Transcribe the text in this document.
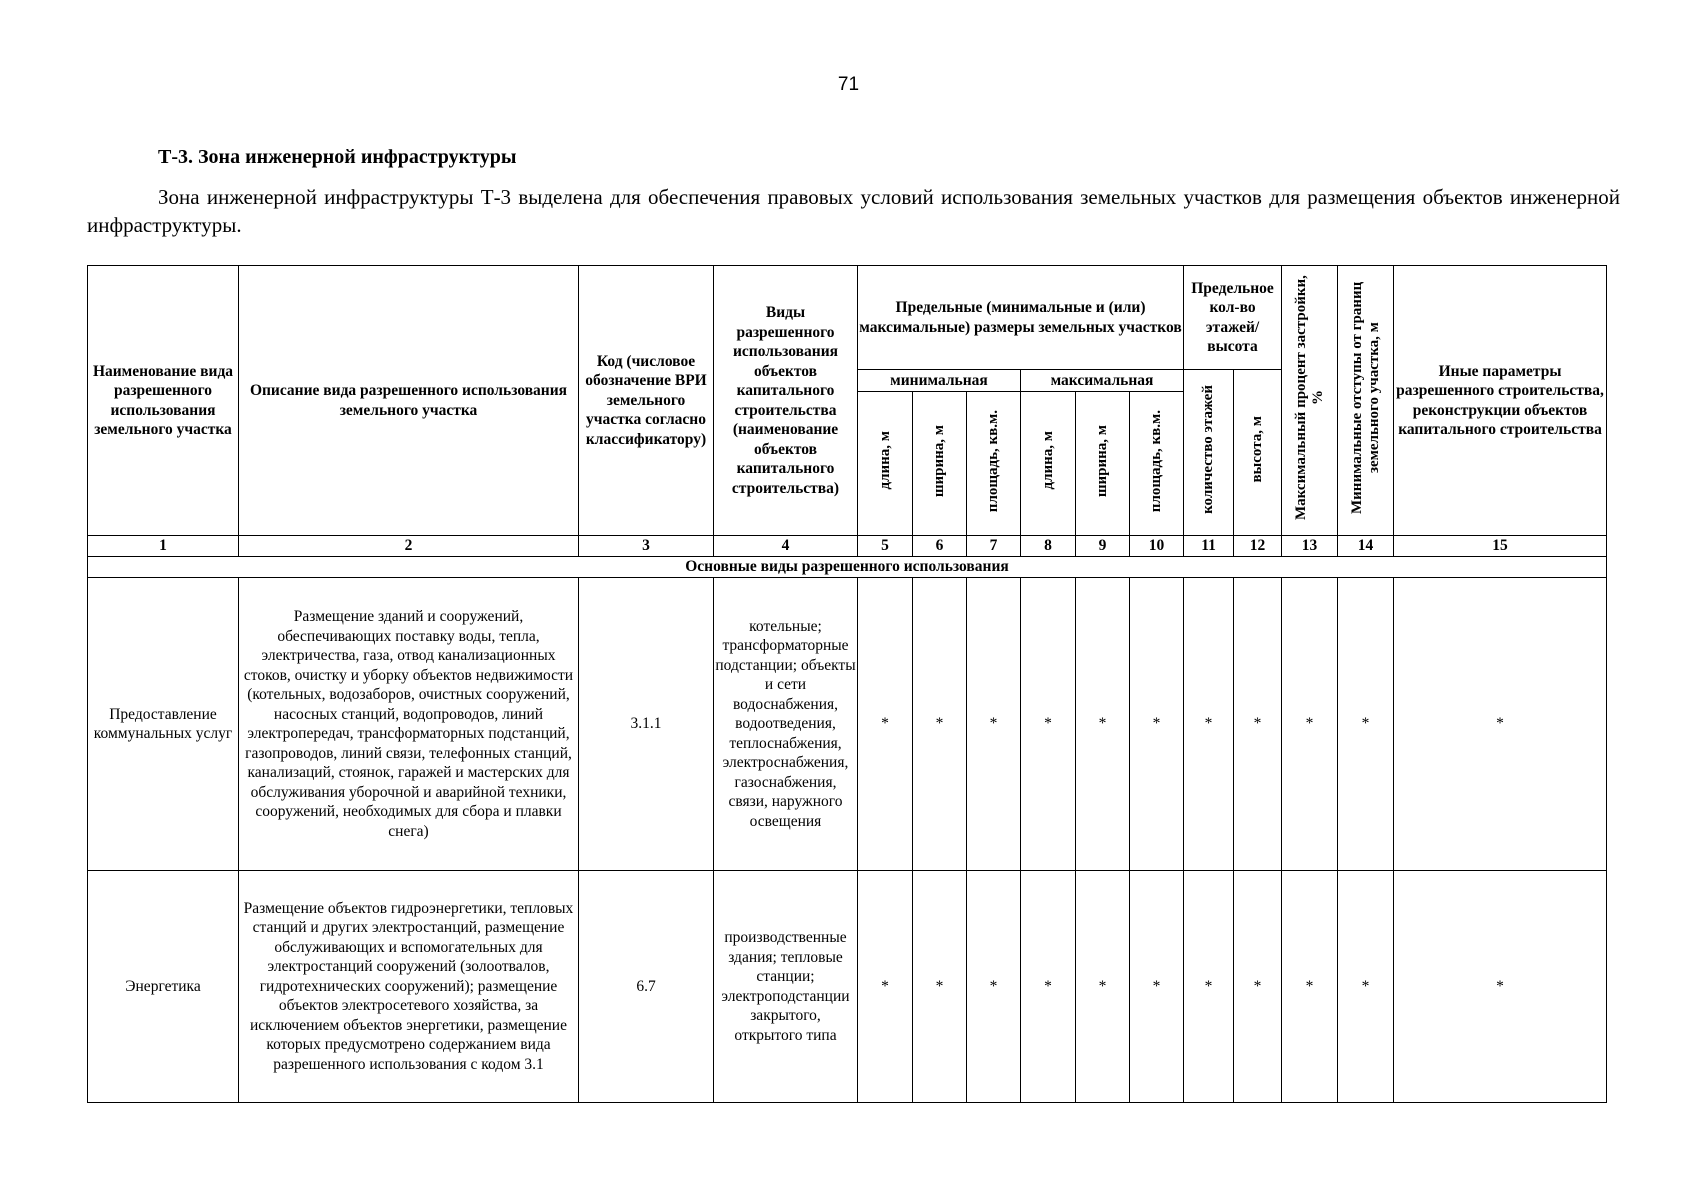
71
Т-3. Зона инженерной инфраструктуры

Зона инженерной инфраструктуры Т-3 выделена для обеспечения правовых условий использования земельных участков для размещения объектов инженерной инфраструктуры.

Наименование вида разрешенного использования земельного участка	Описание вида разрешенного использования земельного участка	Код (числовое обозначение ВРИ земельного участка согласно классификатору)	Виды разрешенного использования объектов капитального строительства (наименование объектов капитального строительства)	Предельные (минимальные и (или) максимальные) размеры земельных участков						Предельное кол-во этажей/ высота		Максимальный процент застройки, %	Минимальные отступы от границ земельного участка, м	Иные параметры разрешенного строительства, реконструкции объектов капитального строительства
				минимальная			максимальная			количество этажей	высота, м			
				длина, м	ширина, м	площадь, кв.м.	длина, м	ширина, м	площадь, кв.м.					
1	2	3	4	5	6	7	8	9	10	11	12	13	14	15
Основные виды разрешенного использования														
Предоставление коммунальных услуг	Размещение зданий и сооружений, обеспечивающих поставку воды, тепла, электричества, газа, отвод канализационных стоков, очистку и уборку объектов недвижимости (котельных, водозаборов, очистных сооружений, насосных станций, водопроводов, линий электропередач, трансформаторных подстанций, газопроводов, линий связи, телефонных станций, канализаций, стоянок, гаражей и мастерских для обслуживания уборочной и аварийной техники, сооружений, необходимых для сбора и плавки снега)	3.1.1	котельные; трансформаторные подстанции; объекты и сети водоснабжения, водоотведения, теплоснабжения, электроснабжения, газоснабжения, связи, наружного освещения	*	*	*	*	*	*	*	*	*	*	*
Энергетика	Размещение объектов гидроэнергетики, тепловых станций и других электростанций, размещение обслуживающих и вспомогательных для электростанций сооружений (золоотвалов, гидротехнических сооружений); размещение объектов электросетевого хозяйства, за исключением объектов энергетики, размещение которых предусмотрено содержанием вида разрешенного использования с кодом 3.1	6.7	производственные здания; тепловые станции; электроподстанции закрытого, открытого типа	*	*	*	*	*	*	*	*	*	*	*
